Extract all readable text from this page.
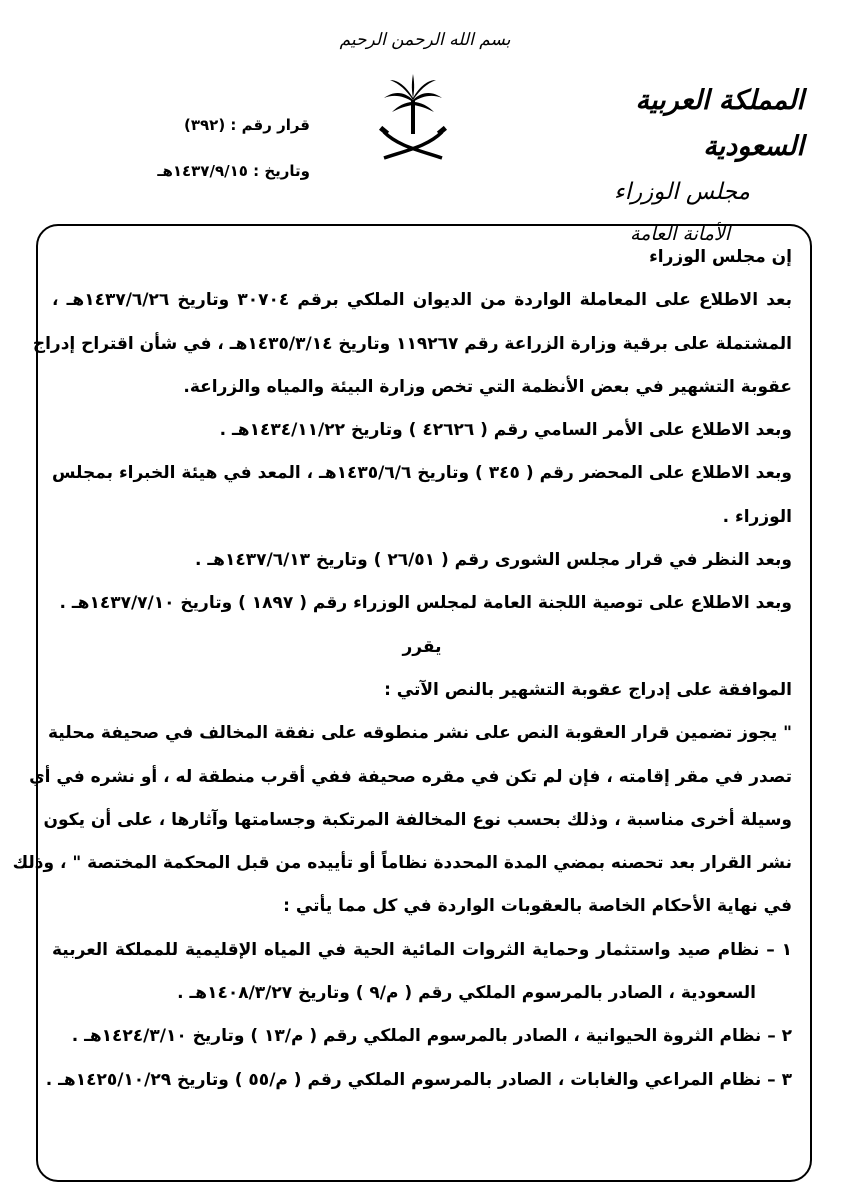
بسم الله الرحمن الرحيم
المملكة العربية السعودية
مجلس الوزراء
الأمانة العامة
قرار رقم : (٣٩٢)
وتاريخ : ١٤٣٧/٩/١٥هـ
إن مجلس الوزراء
بعد الاطلاع على المعاملة الواردة من الديوان الملكي برقم ٣٠٧٠٤ وتاريخ ١٤٣٧/٦/٢٦هـ ،
المشتملة على برقية وزارة الزراعة رقم ١١٩٢٦٧ وتاريخ ١٤٣٥/٣/١٤هـ ، في شأن اقتراح إدراج
عقوبة التشهير في بعض الأنظمة التي تخص وزارة البيئة والمياه والزراعة.
وبعد الاطلاع على الأمر السامي رقم ( ٤٢٦٢٦ ) وتاريخ ١٤٣٤/١١/٢٢هـ .
وبعد الاطلاع على المحضر رقم ( ٣٤٥ ) وتاريخ ١٤٣٥/٦/٦هـ ، المعد في هيئة الخبراء بمجلس
الوزراء .
وبعد النظر في قرار مجلس الشورى رقم ( ٢٦/٥١ ) وتاريخ ١٤٣٧/٦/١٣هـ .
وبعد الاطلاع على توصية اللجنة العامة لمجلس الوزراء رقم ( ١٨٩٧ ) وتاريخ ١٤٣٧/٧/١٠هـ .
يقرر
الموافقة على إدراج عقوبة التشهير بالنص الآتي :
" يجوز تضمين قرار العقوبة النص على نشر منطوقه على نفقة المخالف في صحيفة محلية
تصدر في مقر إقامته ، فإن لم تكن في مقره صحيفة ففي أقرب منطقة له ، أو نشره في أي
وسيلة أخرى مناسبة ، وذلك بحسب نوع المخالفة المرتكبة وجسامتها وآثارها ، على أن يكون
نشر القرار بعد تحصنه بمضي المدة المحددة نظاماً أو تأييده من قبل المحكمة المختصة " ، وذلك
في نهاية الأحكام الخاصة بالعقوبات الواردة في كل مما يأتي :
١ – نظام صيد واستثمار وحماية الثروات المائية الحية في المياه الإقليمية للمملكة العربية
السعودية ، الصادر بالمرسوم الملكي رقم ( م/٩ ) وتاريخ ١٤٠٨/٣/٢٧هـ .
٢ – نظام الثروة الحيوانية ، الصادر بالمرسوم الملكي رقم ( م/١٣ ) وتاريخ ١٤٢٤/٣/١٠هـ .
٣ – نظام المراعي والغابات ، الصادر بالمرسوم الملكي رقم ( م/٥٥ ) وتاريخ ١٤٢٥/١٠/٢٩هـ .
